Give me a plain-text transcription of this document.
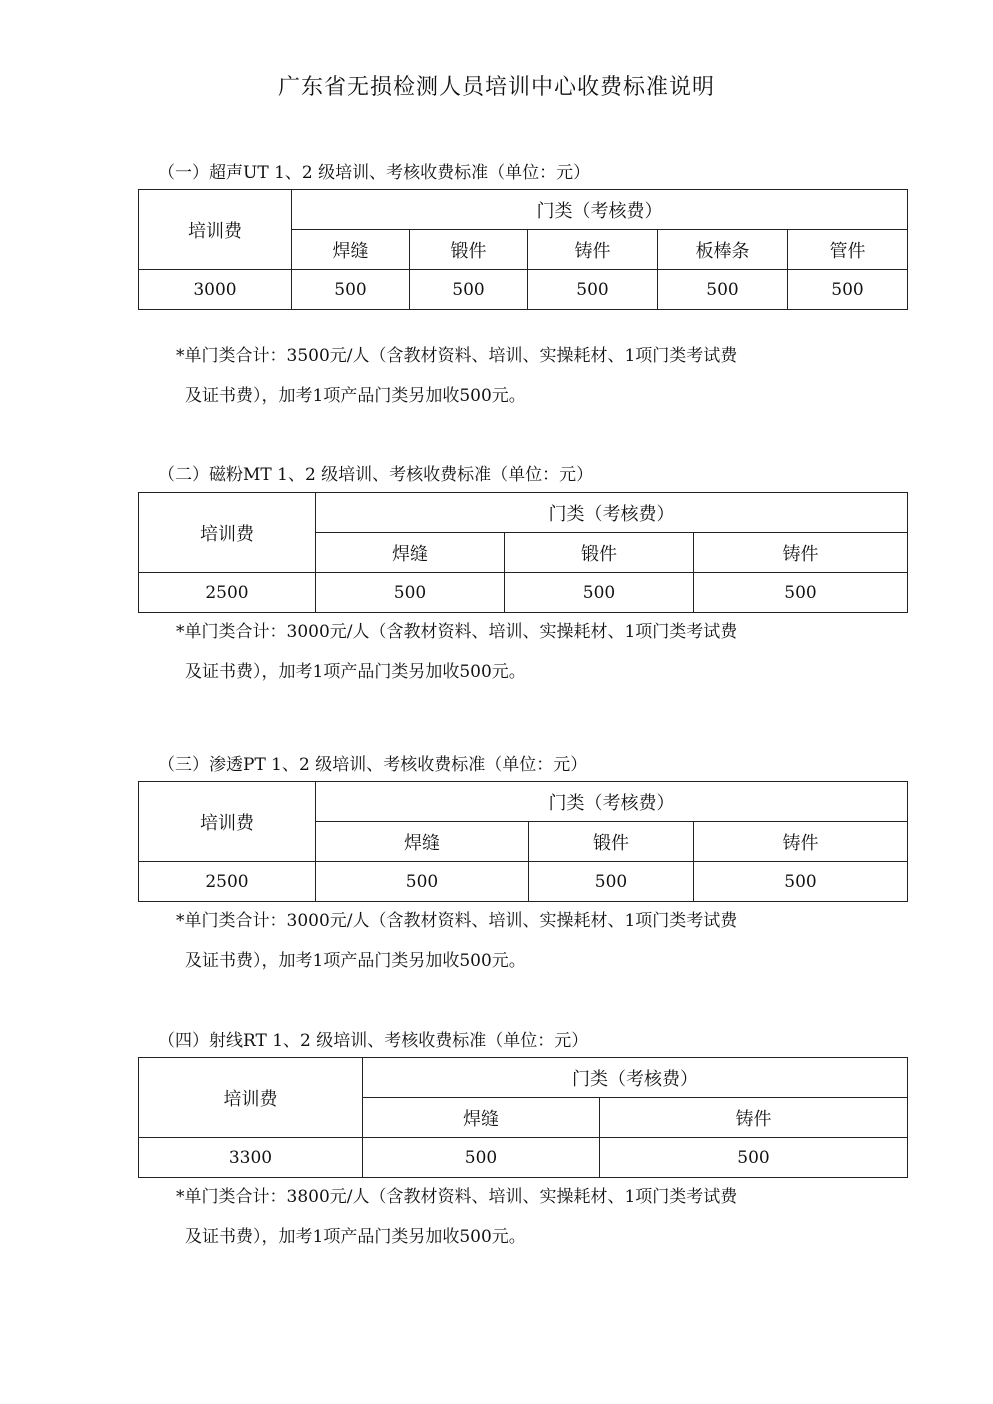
广东省无损检测人员培训中心收费标准说明
（一）超声UT 1、2 级培训、考核收费标准（单位：元）
培训费	门类（考核费）				
	焊缝	锻件	铸件	板棒条	管件
3000	500	500	500	500	500
*单门类合计：3500元/人（含教材资料、培训、实操耗材、1项门类考试费
及证书费），加考1项产品门类另加收500元。
（二）磁粉MT 1、2 级培训、考核收费标准（单位：元）
培训费	门类（考核费）		
	焊缝	锻件	铸件
2500	500	500	500
*单门类合计：3000元/人（含教材资料、培训、实操耗材、1项门类考试费
及证书费），加考1项产品门类另加收500元。
（三）渗透PT 1、2 级培训、考核收费标准（单位：元）
培训费	门类（考核费）		
	焊缝	锻件	铸件
2500	500	500	500
*单门类合计：3000元/人（含教材资料、培训、实操耗材、1项门类考试费
及证书费），加考1项产品门类另加收500元。
（四）射线RT 1、2 级培训、考核收费标准（单位：元）
培训费	门类（考核费）	
	焊缝	铸件
3300	500	500
*单门类合计：3800元/人（含教材资料、培训、实操耗材、1项门类考试费
及证书费），加考1项产品门类另加收500元。
